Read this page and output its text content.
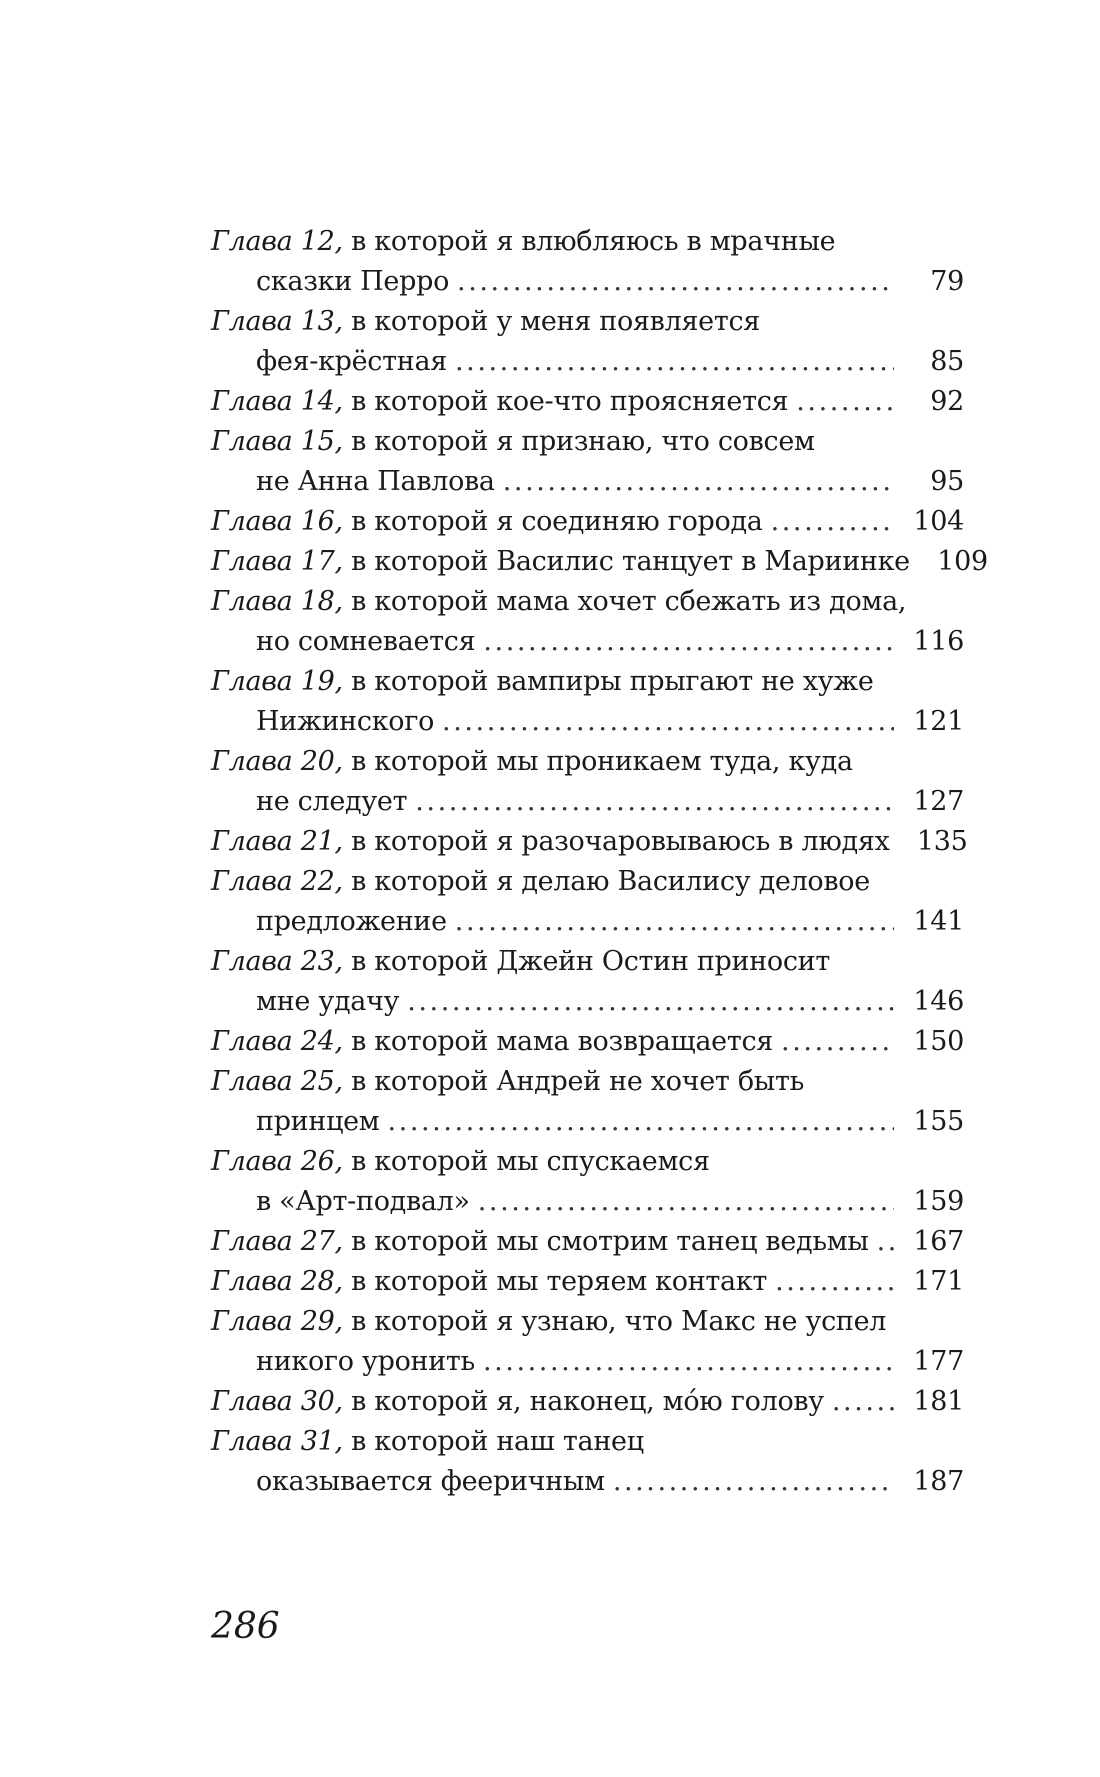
Глава 12, в которой я влюбляюсь в мрачные
сказки Перро . . .	79
Глава 13, в которой у меня появляется
фея-крёстная . . .	85
Глава 14, в которой кое-что проясняется . . .	92
Глава 15, в которой я признаю, что совсем
не Анна Павлова . . .	95
Глава 16, в которой я соединяю города . . .	104
Глава 17, в которой Василис танцует в Мариинке	109
Глава 18, в которой мама хочет сбежать из дома,
но сомневается . . .	116
Глава 19, в которой вампиры прыгают не хуже
Нижинского . . .	121
Глава 20, в которой мы проникаем туда, куда
не следует . . .	127
Глава 21, в которой я разочаровываюсь в людях	135
Глава 22, в которой я делаю Василису деловое
предложение . . .	141
Глава 23, в которой Джейн Остин приносит
мне удачу . . .	146
Глава 24, в которой мама возвращается . . .	150
Глава 25, в которой Андрей не хочет быть
принцем . . .	155
Глава 26, в которой мы спускаемся
в «Арт-подвал» . . .	159
Глава 27, в которой мы смотрим танец ведьмы . . .	167
Глава 28, в которой мы теряем контакт . . .	171
Глава 29, в которой я узнаю, что Макс не успел
никого уронить . . .	177
Глава 30, в которой я, наконец, мóю голову . . .	181
Глава 31, в которой наш танец
оказывается фееричным . . .	187
286
